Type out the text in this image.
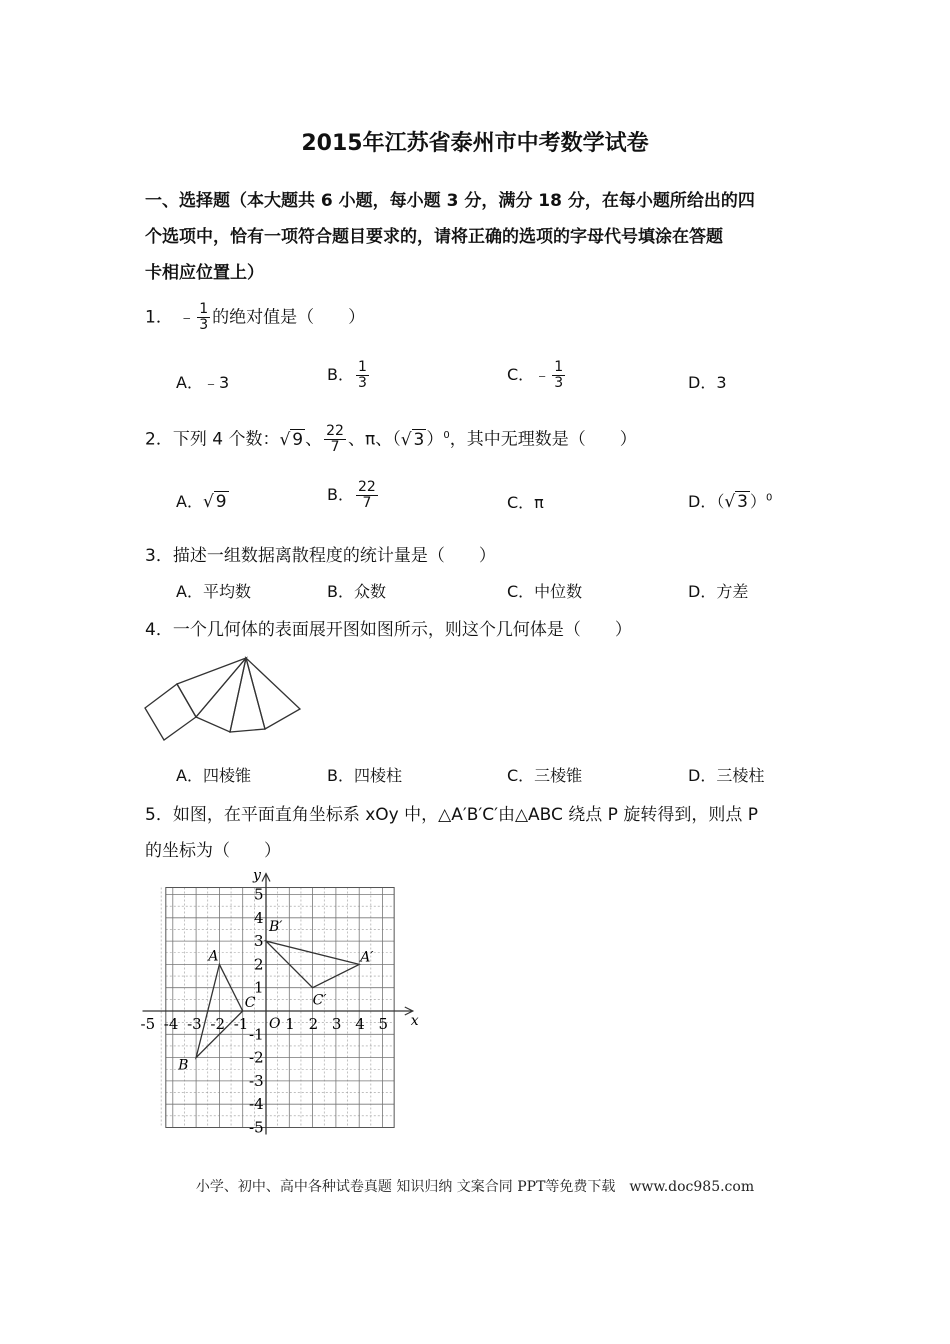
2015年江苏省泰州市中考数学试卷
一、选择题（本大题共 6 小题，每小题 3 分，满分 18 分，在每小题所给出的四
个选项中，恰有一项符合题目要求的，请将正确的选项的字母代号填涂在答题
卡相应位置上）
1． ﹣ $\frac{1}{3}$ 的绝对值是（　　）
A．﹣3	B． $\frac{1}{3}$	C．﹣ $\frac{1}{3}$	D．3
2．下列 4 个数：√ 9 、 $\frac{22}{7}$ 、π、（√ 3 ）$^0$，其中无理数是（　　）
A．√ 9	B． $\frac{22}{7}$	C．π	D．（√ 3 ）$^0$
3．描述一组数据离散程度的统计量是（　　）
A．平均数	B．众数	C．中位数	D．方差
4．一个几何体的表面展开图如图所示，则这个几何体是（　　）
A．四棱锥	B．四棱柱	C．三棱锥	D．三棱柱
5．如图，在平面直角坐标系 xOy 中，△A′B′C′由△ABC 绕点 P 旋转得到，则点 P
的坐标为（　　）
x
y
O
-5 -4 -3 -2 -1 1 2 3 4 5
5
4
3
2
1
-1
-2
-3
-4
-5
A
B
C
A′
B′
C′
小学、初中、高中各种试卷真题 知识归纳 文案合同 PPT等免费下载　www.doc985.com
